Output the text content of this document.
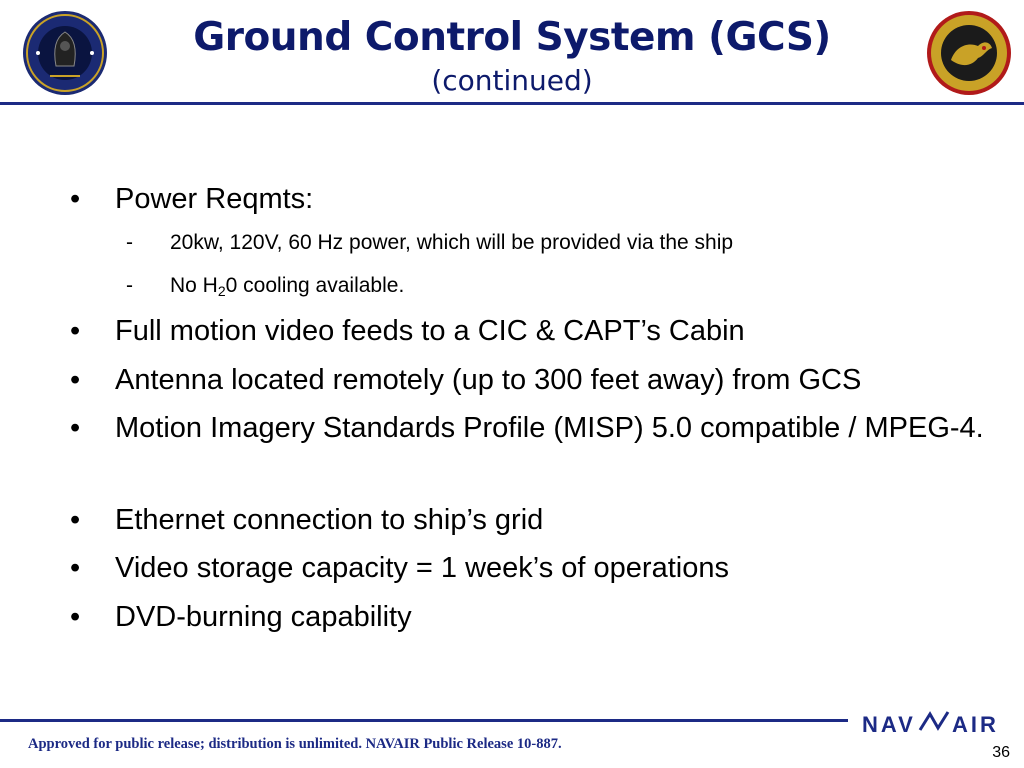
Ground Control System (GCS)
(continued)
•	Power Reqmts:
- 20kw, 120V, 60 Hz power, which will be provided via the ship
- No $H_20$ cooling available.
•	Full motion video feeds to a CIC & CAPT’s Cabin
•	Antenna located remotely (up to 300 feet away) from GCS
•	Motion Imagery Standards Profile (MISP) 5.0 compatible / MPEG-4.
•	Ethernet connection to ship’s grid
•	Video storage capacity = 1 week’s of operations
•	DVD-burning capability
NAV AIR
Approved for public release; distribution is unlimited. NAVAIR Public Release 10-887.	36
